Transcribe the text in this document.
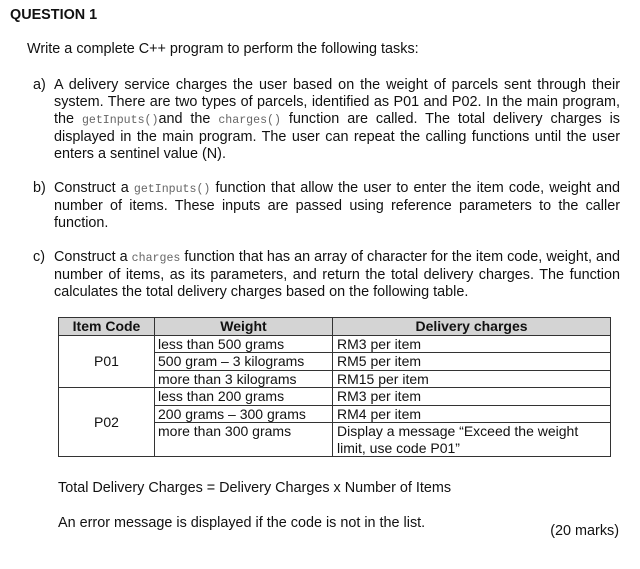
QUESTION 1
Write a complete C++ program to perform the following tasks:
a) A delivery service charges the user based on the weight of parcels sent through their system. There are two types of parcels, identified as P01 and P02. In the main program, the getInputs()and the charges() function are called. The total delivery charges is displayed in the main program. The user can repeat the calling functions until the user enters a sentinel value (N).
b) Construct a getInputs() function that allow the user to enter the item code, weight and number of items. These inputs are passed using reference parameters to the caller function.
c) Construct a charges function that has an array of character for the item code, weight, and number of items, as its parameters, and return the total delivery charges. The function calculates the total delivery charges based on the following table.
Item Code	Weight	Delivery charges
P01	less than 500 grams	RM3 per item
	500 gram – 3 kilograms	RM5 per item
	more than 3 kilograms	RM15 per item
P02	less than 200 grams	RM3 per item
	200 grams – 300 grams	RM4 per item
	more than 300 grams	Display a message “Exceed the weight limit, use code P01”
Total Delivery Charges = Delivery Charges x Number of Items
An error message is displayed if the code is not in the list.	(20 marks)
